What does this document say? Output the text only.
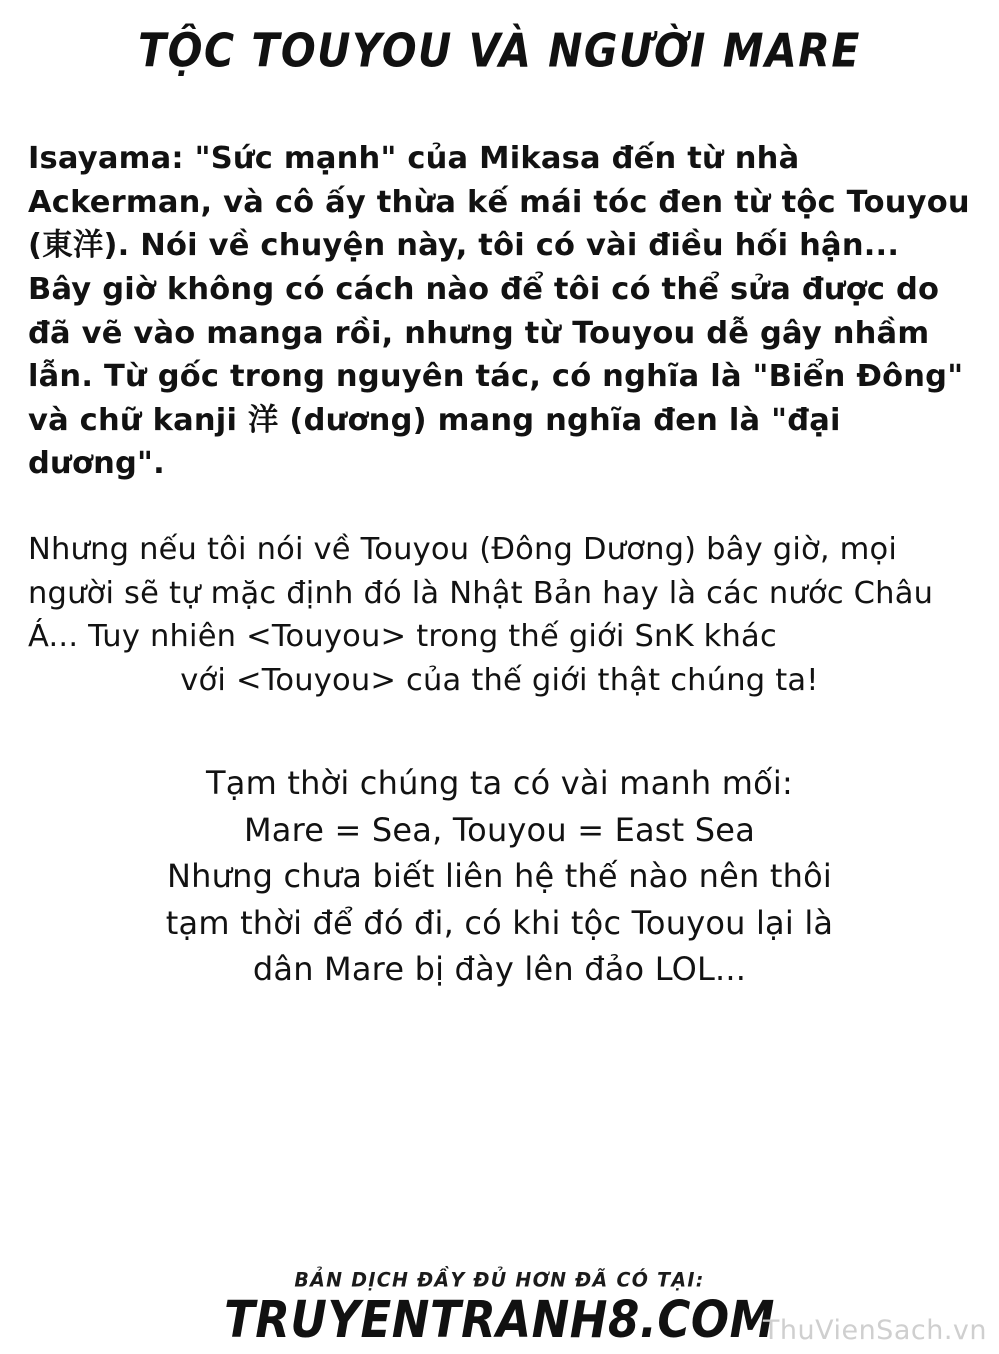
TỘC TOUYOU VÀ NGƯỜI MARE

Isayama: "Sức mạnh" của Mikasa đến từ nhà Ackerman, và cô ấy thừa kế mái tóc đen từ tộc Touyou (東洋). Nói về chuyện này, tôi có vài điều hối hận... Bây giờ không có cách nào để tôi có thể sửa được do đã vẽ vào manga rồi, nhưng từ Touyou dễ gây nhầm lẫn. Từ gốc trong nguyên tác, có nghĩa là "Biển Đông" và chữ kanji 洋 (dương) mang nghĩa đen là "đại dương".

Nhưng nếu tôi nói về Touyou (Đông Dương) bây giờ, mọi người sẽ tự mặc định đó là Nhật Bản hay là các nước Châu Á... Tuy nhiên <Touyou> trong thế giới SnK khác
với <Touyou> của thế giới thật chúng ta!

Tạm thời chúng ta có vài manh mối:
Mare = Sea, Touyou = East Sea
Nhưng chưa biết liên hệ thế nào nên thôi
tạm thời để đó đi, có khi tộc Touyou lại là
dân Mare bị đày lên đảo LOL...

BẢN DỊCH ĐẦY ĐỦ HƠN ĐÃ CÓ TẠI:
TRUYENTRANH8.COM
ThuVienSach.vn
